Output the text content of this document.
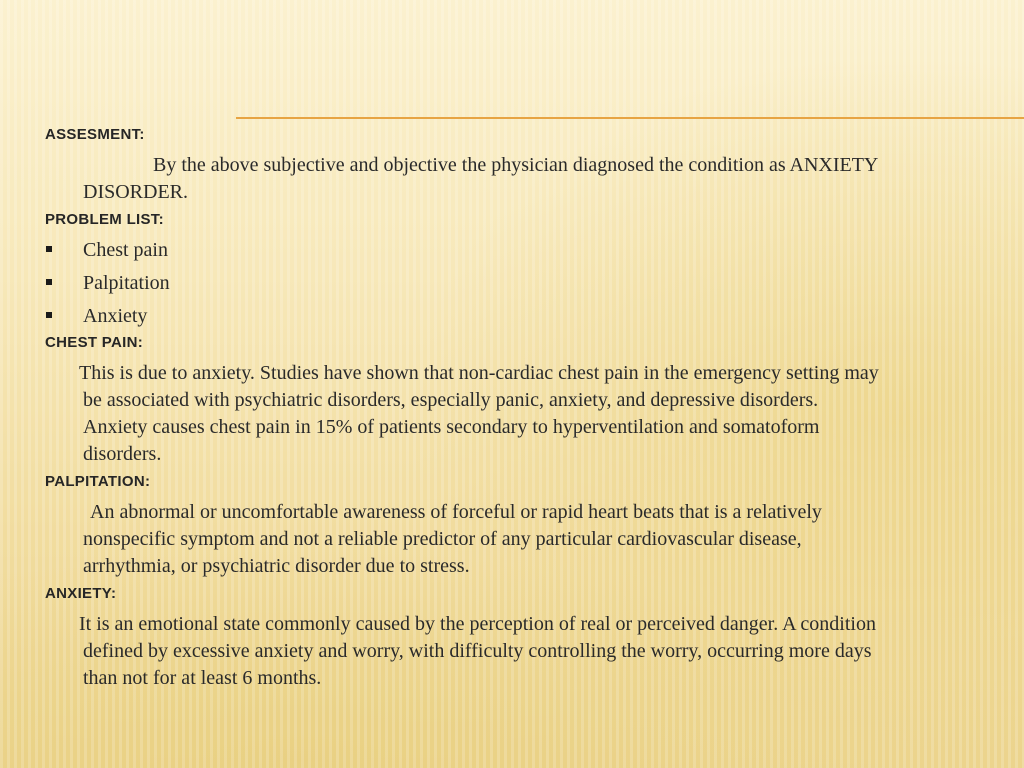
ASSESMENT:

By the above subjective and objective the physician diagnosed the condition as ANXIETY

DISORDER.

PROBLEM LIST:
Chest pain
Palpitation
Anxiety
CHEST PAIN:

This is due to anxiety. Studies have shown that non-cardiac chest pain in the emergency setting may

be associated with psychiatric disorders, especially panic, anxiety, and depressive disorders.

Anxiety causes chest pain in 15% of patients secondary to hyperventilation and somatoform

disorders.

PALPITATION:

An abnormal or uncomfortable awareness of forceful or rapid heart beats that is a relatively

nonspecific symptom and not a reliable predictor of any particular cardiovascular disease,

arrhythmia, or psychiatric disorder due to stress.

ANXIETY:

It is an emotional state commonly caused by the perception of real or perceived danger. A condition

defined by excessive anxiety and worry, with difficulty controlling the worry, occurring more days

than not for at least 6 months.
